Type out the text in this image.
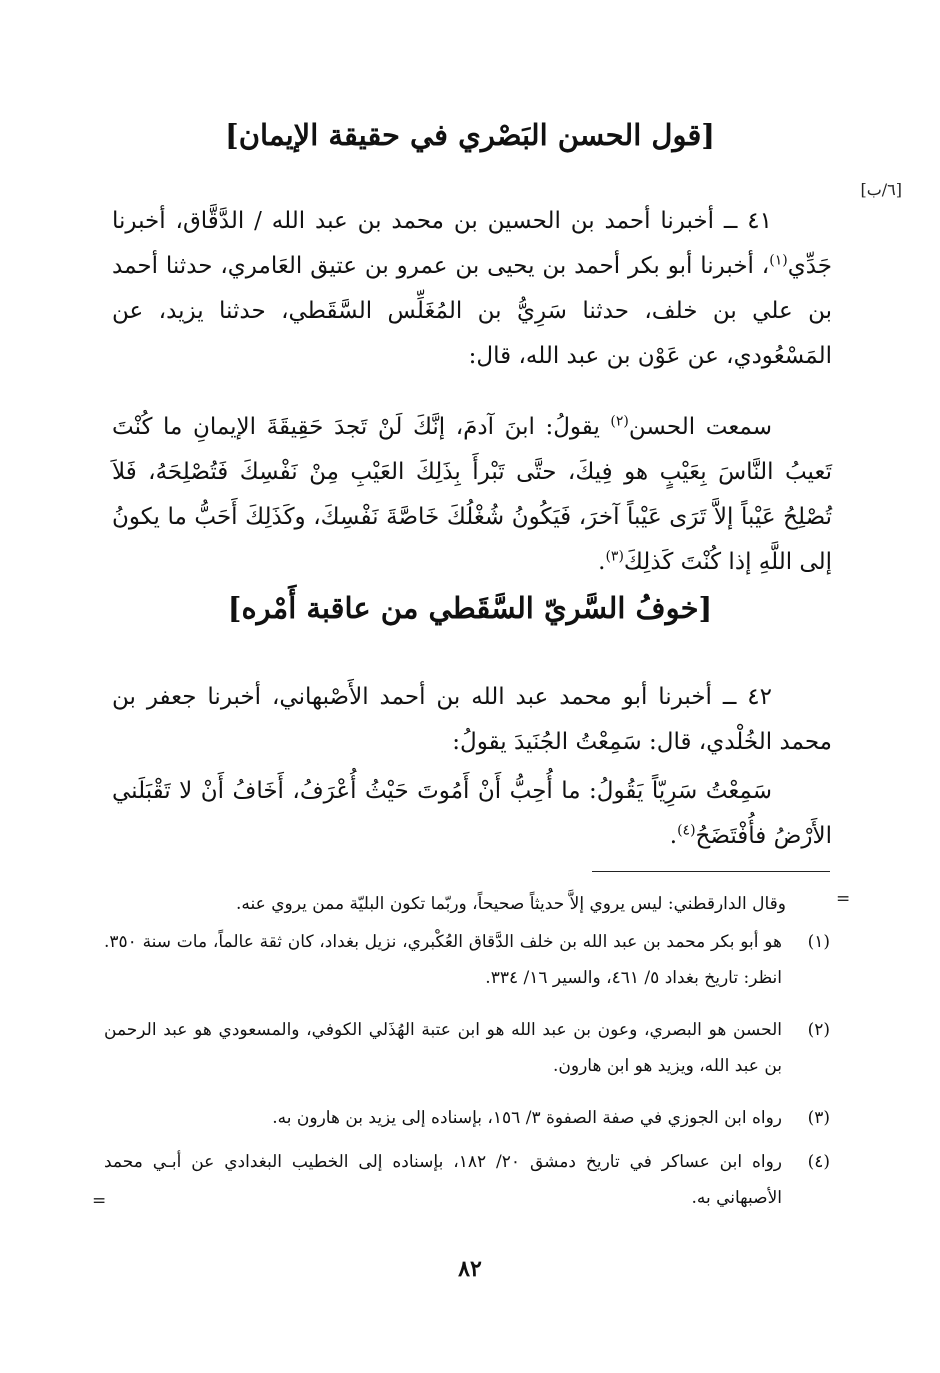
[قول الحسن البَصْري في حقيقة الإيمان]
[٦/ب]

٤١ ــ أخبرنا أحمد بن الحسين بن محمد بن عبد الله / الدَّقَّاق، أخبرنا جَدِّي$^{(١)}$، أخبرنا أبو بكر أحمد بن يحيى بن عمرو بن عتيق العَامري، حدثنا أحمد بن علي بن خلف، حدثنا سَرِيُّ بن المُغَلِّس السَّقَطي، حدثنا يزيد، عن المَسْعُودي، عن عَوْن بن عبد الله، قال:

سمعت الحسن$^{(٢)}$ يقولُ: ابنَ آدمَ، إنَّكَ لَنْ تَجدَ حَقِيقَةَ الإيمانِ ما كُنْتَ تَعيبُ النَّاسَ بِعَيْبٍ هو فِيكَ، حتَّى تَبْرأَ بِذَلِكَ العَيْبِ مِنْ نَفْسِكَ فَتُصْلِحَهُ، فَلاَ تُصْلِحُ عَيْباً إلاَّ تَرَى عَيْباً آخرَ، فَيَكُونُ شُغْلُكَ خَاصَّةَ نَفْسِكَ، وكَذَلِكَ أَحَبُّ ما يكونُ إلى اللَّهِ إذا كُنْتَ كَذلِكَ$^{(٣)}$.

[خوفُ السَّريّ السَّقَطي من عاقبة أَمْره]

٤٢ ــ أخبرنا أبو محمد عبد الله بن أحمد الأَصْبهاني، أخبرنا جعفر بن محمد الخُلْدي، قال: سَمِعْتُ الجُنَيدَ يقولُ:

سَمِعْتُ سَرِيّاً يَقُولُ: ما أُحِبُّ أَنْ أَمُوتَ حَيْثُ أُعْرَفُ، أَخَافُ أَنْ لا تَقْبَلَني الأَرْضُ فأُفْتَضَحُ$^{(٤)}$.

=
وقال الدارقطني: ليس يروي إلاَّ حديثاً صحيحاً، وربّما تكون البليّة ممن يروي عنه.
(١)
هو أبو بكر محمد بن عبد الله بن خلف الدَّقاق العُكْبري، نزيل بغداد، كان ثقة عالماً، مات سنة ٣٥٠. انظر: تاريخ بغداد ٥/ ٤٦١، والسير ١٦/ ٣٣٤.
(٢)
الحسن هو البصري، وعون بن عبد الله هو ابن عتبة الهُذَلي الكوفي، والمسعودي هو عبد الرحمن بن عبد الله، ويزيد هو ابن هارون.
(٣)
رواه ابن الجوزي في صفة الصفوة ٣/ ١٥٦، بإسناده إلى يزيد بن هارون به.
(٤)
رواه ابن عساكر في تاريخ دمشق ٢٠/ ١٨٢، بإسناده إلى الخطيب البغدادي عن أبـي محمد الأصبهاني به.
=
٨٢
